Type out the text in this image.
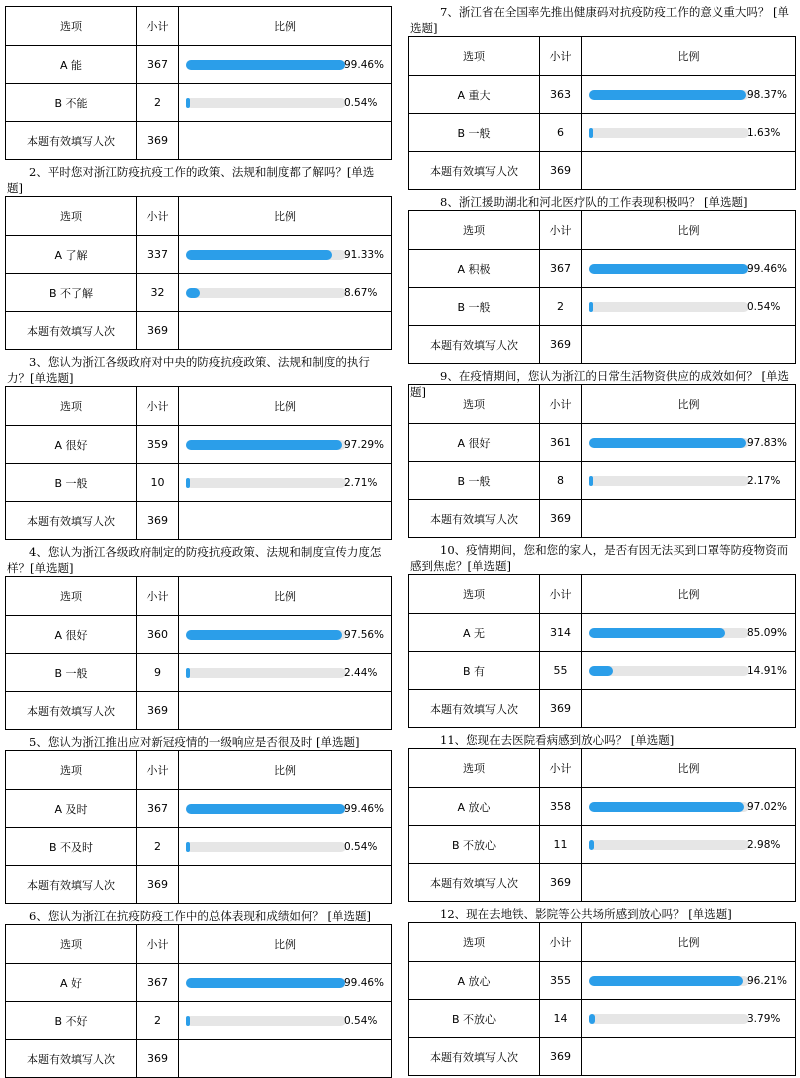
选项	小计	比例
A 能	367	99.46%

B 不能	2	0.54%

本题有效填写人次	369	

2、平时您对浙江防疫抗疫工作的政策、法规和制度都了解吗？[单选题]

选项	小计	比例
A 了解	337	91.33%

B 不了解	32	8.67%

本题有效填写人次	369	

3、您认为浙江各级政府对中央的防疫抗疫政策、法规和制度的执行力？[单选题]

选项	小计	比例
A 很好	359	97.29%

B 一般	10	2.71%

本题有效填写人次	369	

4、您认为浙江各级政府制定的防疫抗疫政策、法规和制度宣传力度怎样？[单选题]

选项	小计	比例
A 很好	360	97.56%

B 一般	9	2.44%

本题有效填写人次	369	

5、您认为浙江推出应对新冠疫情的一级响应是否很及时 [单选题]

选项	小计	比例
A 及时	367	99.46%

B 不及时	2	0.54%

本题有效填写人次	369	

6、您认为浙江在抗疫防疫工作中的总体表现和成绩如何？ [单选题]

选项	小计	比例
A 好	367	99.46%

B 不好	2	0.54%

本题有效填写人次	369	

7、浙江省在全国率先推出健康码对抗疫防疫工作的意义重大吗？ [单选题]

选项	小计	比例
A 重大	363	98.37%

B 一般	6	1.63%

本题有效填写人次	369	

8、浙江援助湖北和河北医疗队的工作表现积极吗？ [单选题]

选项	小计	比例
A 积极	367	99.46%

B 一般	2	0.54%

本题有效填写人次	369	

9、在疫情期间，您认为浙江的日常生活物资供应的成效如何？ [单选题]

选项	小计	比例
A 很好	361	97.83%

B 一般	8	2.17%

本题有效填写人次	369	

10、疫情期间，您和您的家人，是否有因无法买到口罩等防疫物资而感到焦虑？[单选题]

选项	小计	比例
A 无	314	85.09%

B 有	55	14.91%

本题有效填写人次	369	

11、您现在去医院看病感到放心吗？ [单选题]

选项	小计	比例
A 放心	358	97.02%

B 不放心	11	2.98%

本题有效填写人次	369	

12、现在去地铁、影院等公共场所感到放心吗？ [单选题]

选项	小计	比例
A 放心	355	96.21%

B 不放心	14	3.79%

本题有效填写人次	369	
